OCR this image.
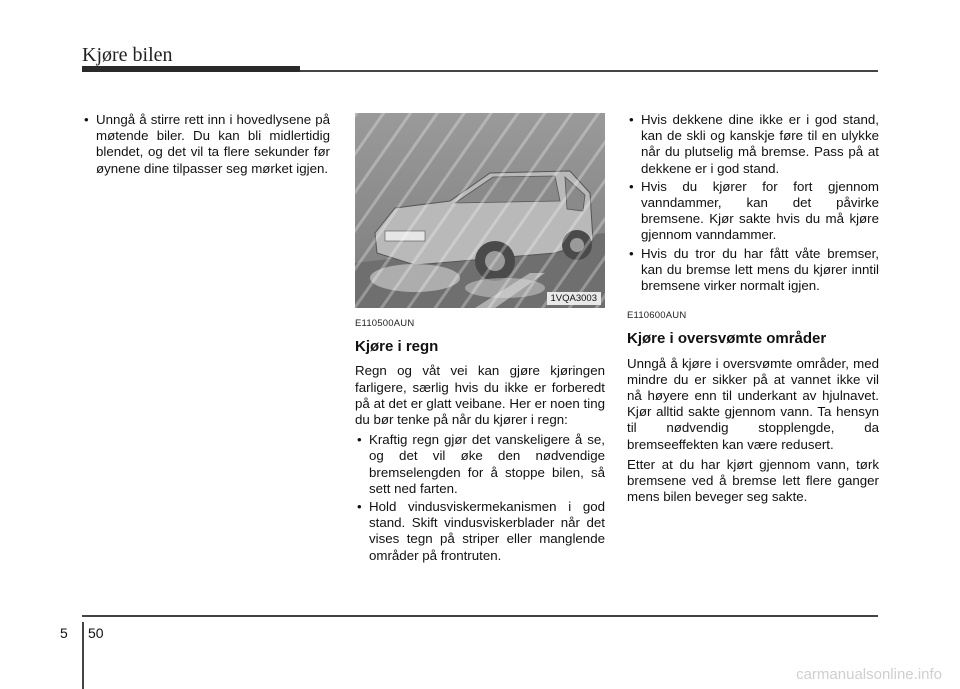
Kjøre bilen
• Unngå å stirre rett inn i hovedlysene på møtende biler. Du kan bli midlertidig blendet, og det vil ta flere sekunder før øynene dine tilpasser seg mørket igjen.
1VQA3003
E110500AUN
Kjøre i regn

Regn og våt vei kan gjøre kjøringen farligere, særlig hvis du ikke er forberedt på at det er glatt veibane. Her er noen ting du bør tenke på når du kjører i regn:

• Kraftig regn gjør det vanskeligere å se, og det vil øke den nødvendige bremselengden for å stoppe bilen, så sett ned farten.
• Hold vindusviskermekanismen i god stand. Skift vindusviskerblader når det vises tegn på striper eller manglende områder på frontruten.
• Hvis dekkene dine ikke er i god stand, kan de skli og kanskje føre til en ulykke når du plutselig må bremse. Pass på at dekkene er i god stand.
• Hvis du kjører for fort gjennom vanndammer, kan det påvirke bremsene. Kjør sakte hvis du må kjøre gjennom vanndammer.
• Hvis du tror du har fått våte bremser, kan du bremse lett mens du kjører inntil bremsene virker normalt igjen.
E110600AUN
Kjøre i oversvømte områder

Unngå å kjøre i oversvømte områder, med mindre du er sikker på at vannet ikke vil nå høyere enn til underkant av hjulnavet. Kjør alltid sakte gjennom vann. Ta hensyn til nødvendig stopplengde, da bremseeffekten kan være redusert.

Etter at du har kjørt gjennom vann, tørk bremsene ved å bremse lett flere ganger mens bilen beveger seg sakte.

5 50
carmanualsonline.info
